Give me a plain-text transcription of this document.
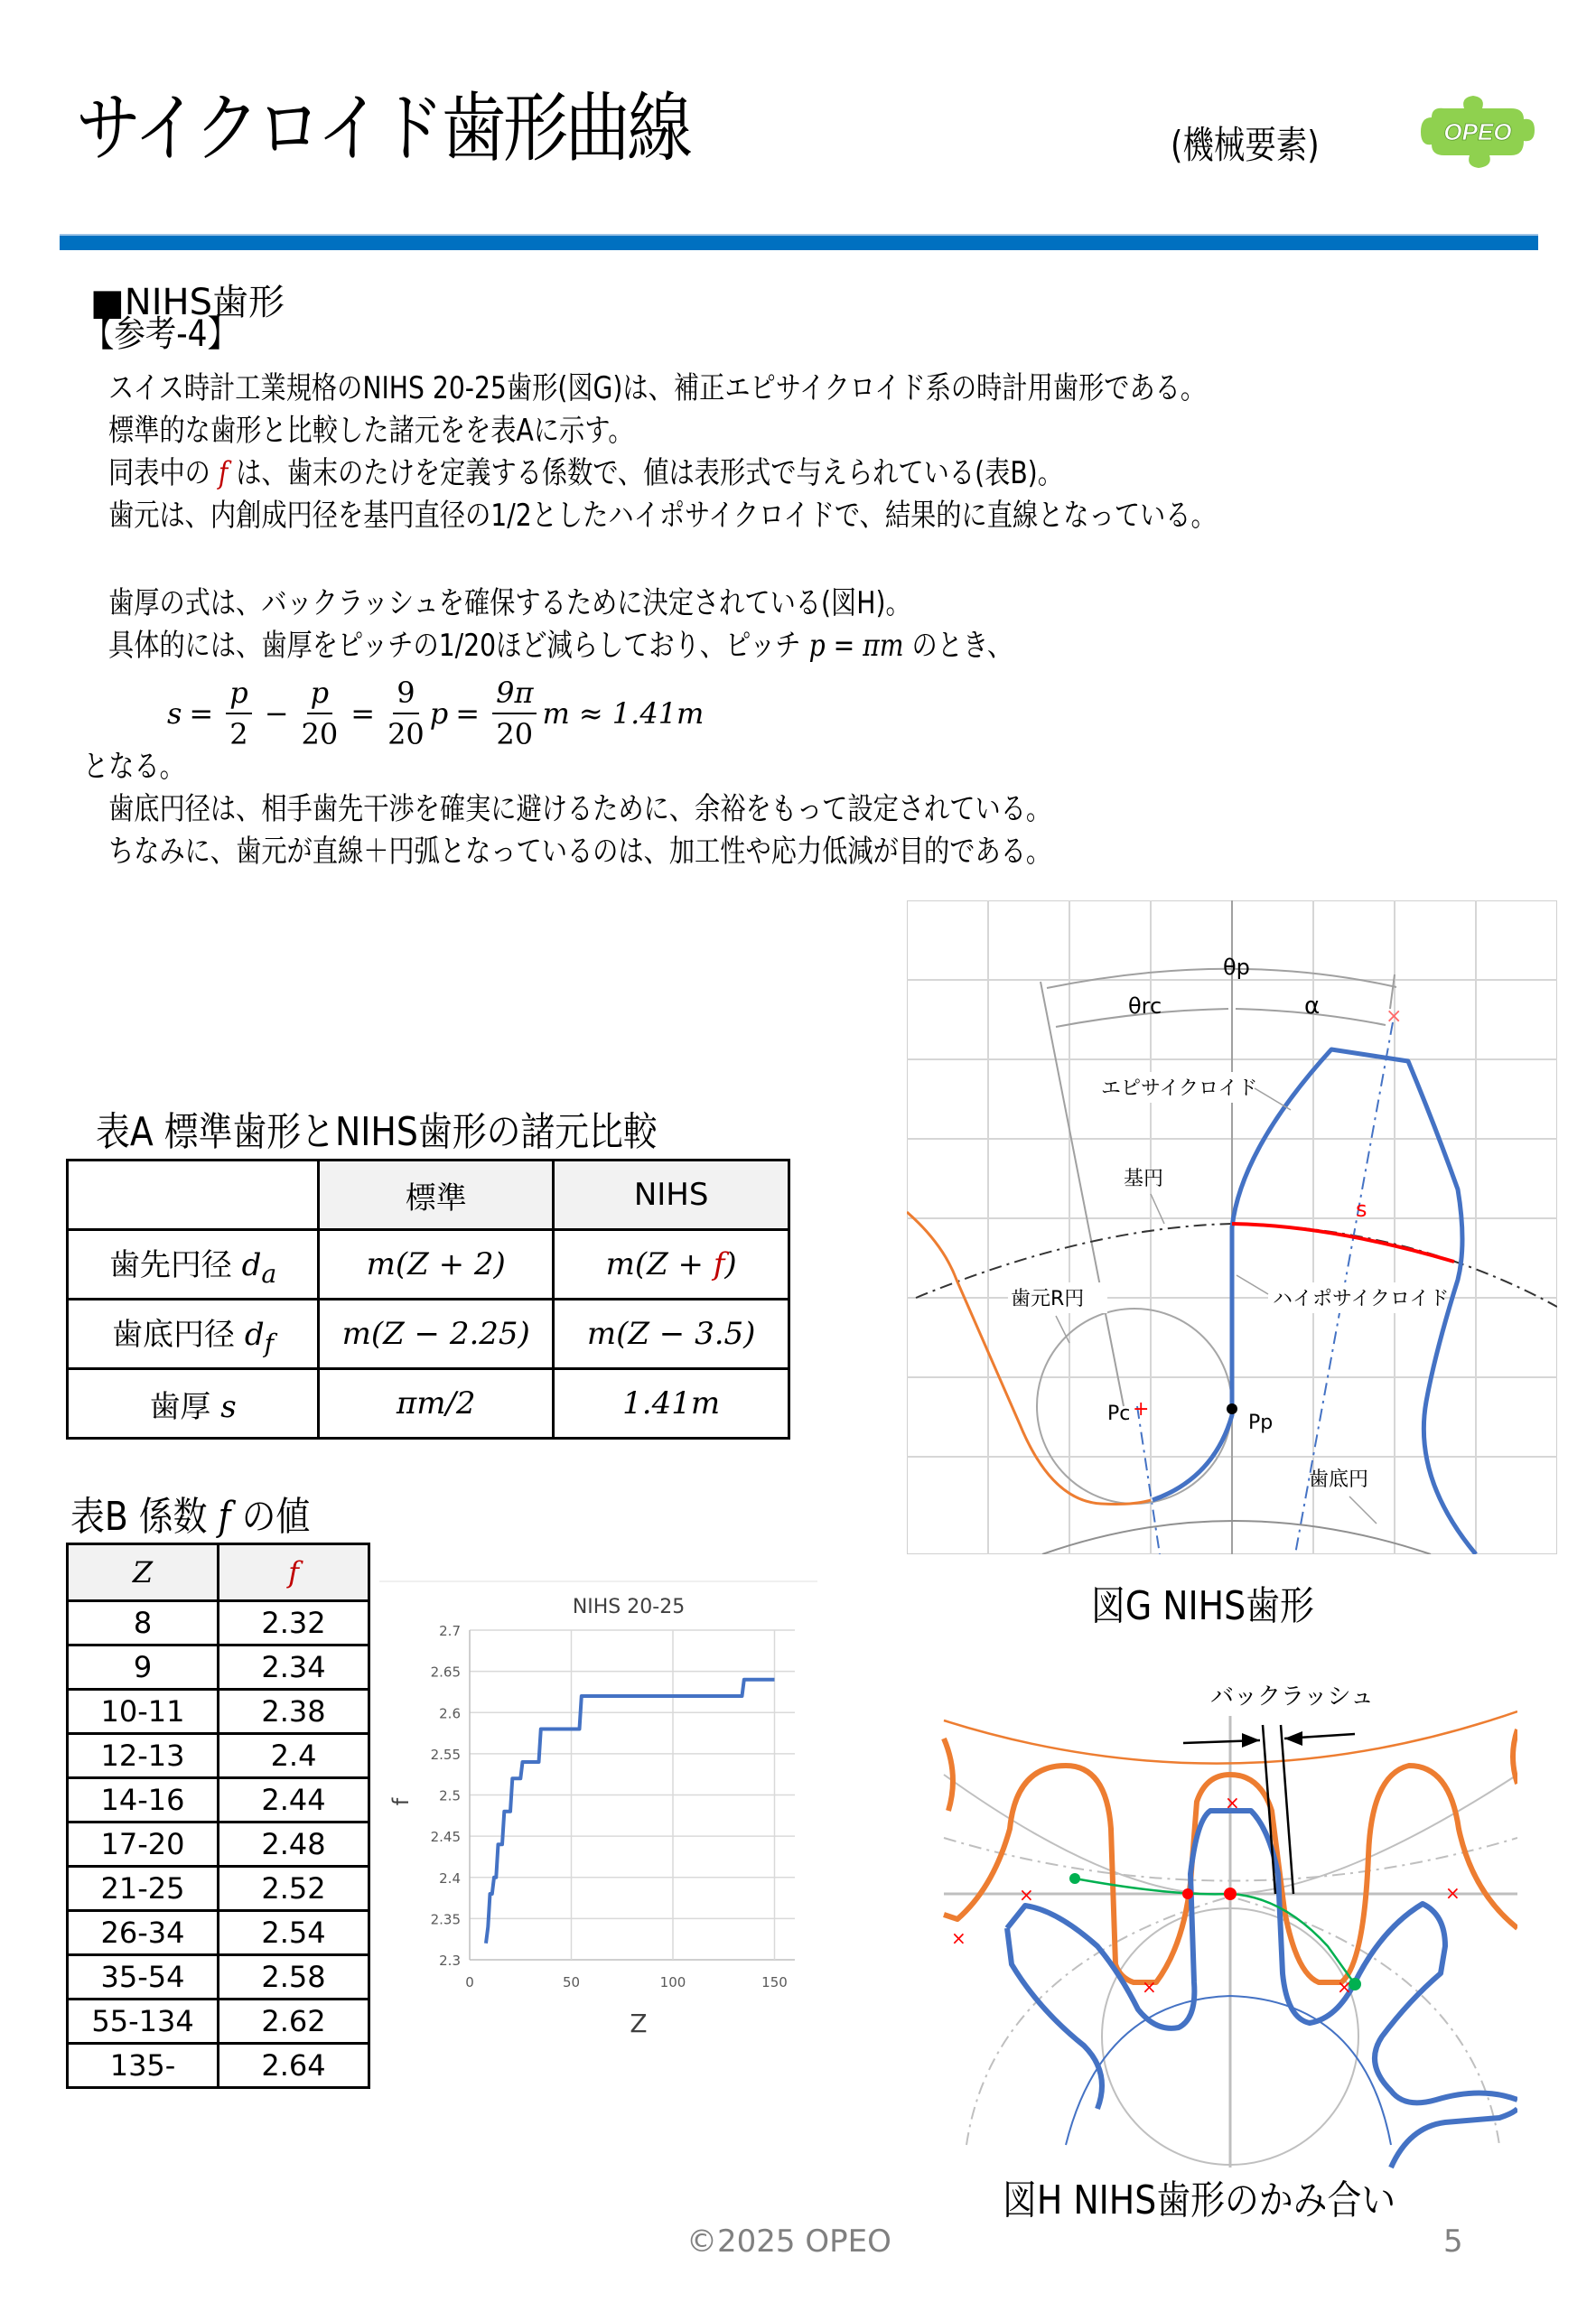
サイクロイド歯形曲線	(機械要素)	OPEO
【参考-4】
■NIHS歯形
スイス時計工業規格のNIHS 20-25歯形(図G)は、補正エピサイクロイド系の時計用歯形である。
標準的な歯形と比較した諸元をを表Aに示す。
同表中の f は、歯末のたけを定義する係数で、値は表形式で与えられている(表B)。
歯元は、内創成円径を基円直径の1/2としたハイポサイクロイドで、結果的に直線となっている。
歯厚の式は、バックラッシュを確保するために決定されている(図H)。
具体的には、歯厚をピッチの1/20ほど減らしており、ピッチ p = πm のとき、
$s = \frac{p}{2} - \frac{p}{20} = \frac{9}{20}$ $p = \frac{9\pi}{20}$ m ≈ 1.41m
となる。
歯底円径は、相手歯先干渉を確実に避けるために、余裕をもって設定されている。
ちなみに、歯元が直線＋円弧となっているのは、加工性や応力低減が目的である。
表A 標準歯形とNIHS歯形の諸元比較
	標準	NIHS
歯先円径 $d_a$	m(Z + 2)	m(Z + f)
歯底円径 $d_f$	m(Z − 2.25)	m(Z − 3.5)
歯厚 s	πm/2	1.41m
表B 係数 f の値
Z	f
8	2.32
9	2.34
10-11	2.38
12-13	2.4
14-16	2.44
17-20	2.48
21-25	2.52
26-34	2.54
35-54	2.58
55-134	2.62
135-	2.64
NIHS 20-25
2.3
2.35
2.4
2.45
2.5
2.55
2.6
2.65
2.7
0	50	100	150
Z
f
θp
θrc	α	×
s
+
エピサイクロイド
基円
歯元R円	ハイポサイクロイド
Pc	Pp
歯底円
図G NIHS歯形
×
×
×	×
×
×
バックラッシュ
図H NIHS歯形のかみ合い
©2025 OPEO	5
